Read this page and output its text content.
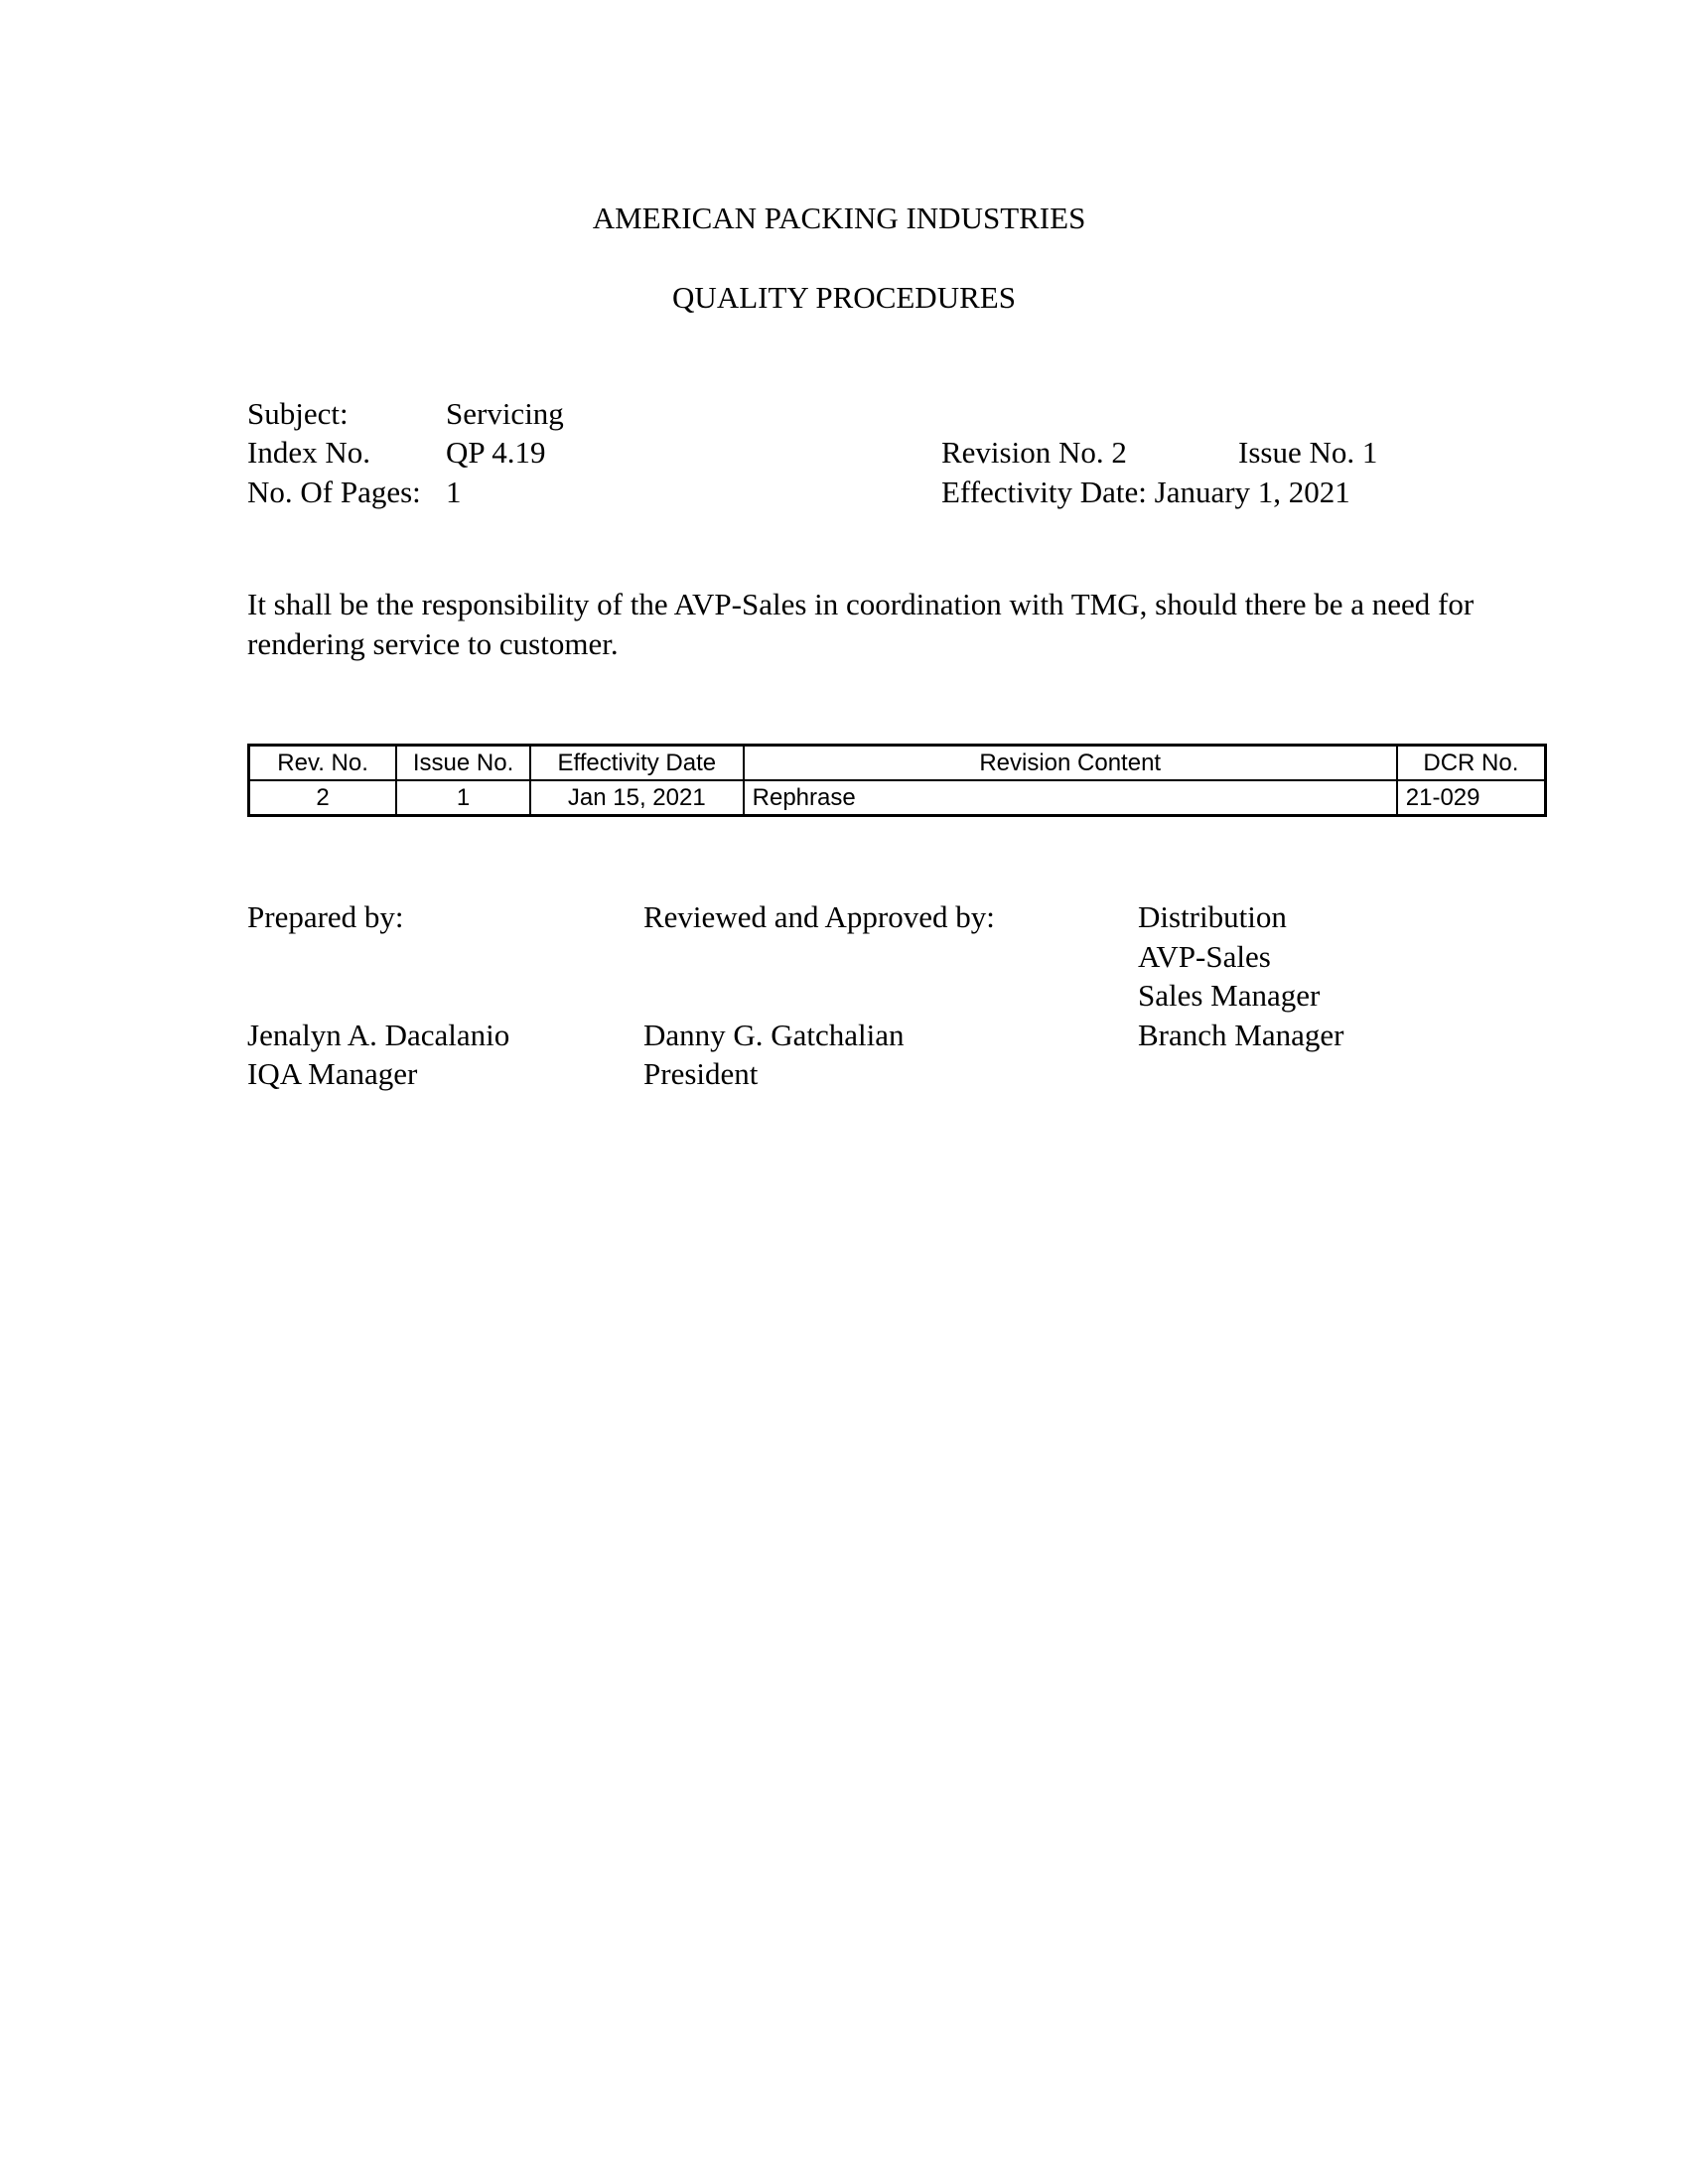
AMERICAN PACKING INDUSTRIES
QUALITY PROCEDURES
Subject:	Servicing
Index No. QP 4.19
No. Of Pages: 1
Revision No. 2	Issue No. 1
Effectivity Date: January 1, 2021
It shall be the responsibility of the AVP-Sales in coordination with TMG, should there be a need for rendering service to customer.
Rev. No.	Issue No.	Effectivity Date	Revision Content	DCR No.
2	1	Jan 15, 2021	Rephrase	21-029
Prepared by:
Jenalyn A. Dacalanio
IQA Manager
Reviewed and Approved by:
Danny G. Gatchalian
President
Distribution
AVP-Sales
Sales Manager
Branch Manager
